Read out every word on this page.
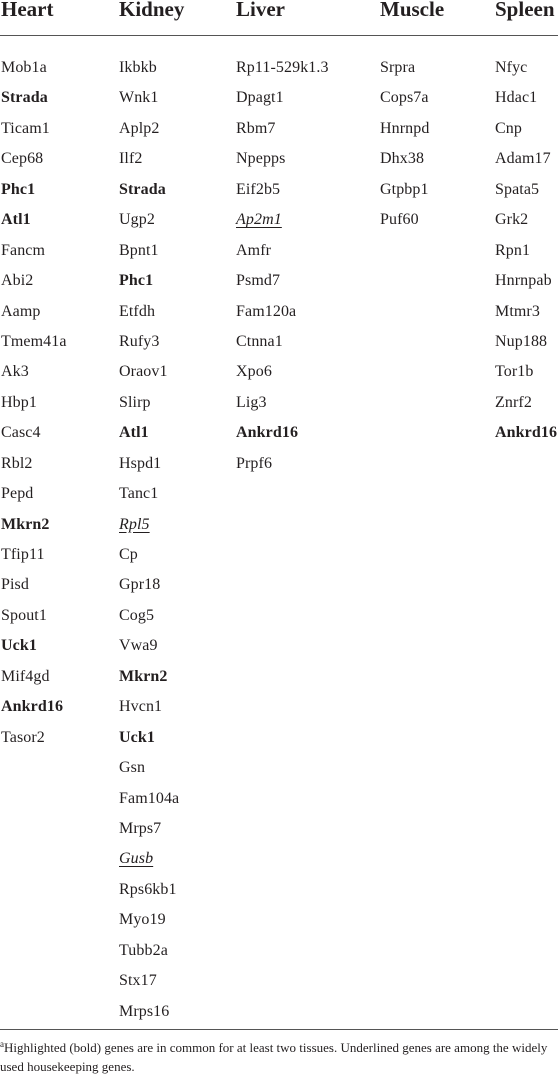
Heart	Kidney Liver	Muscle Spleen
Mob1a
Strada
Ticam1
Cep68
Phc1
Atl1
Fancm
Abi2
Aamp
Tmem41a
Ak3
Hbp1
Casc4
Rbl2
Pepd
Mkrn2
Tfip11
Pisd
Spout1
Uck1
Mif4gd
Ankrd16
Tasor2
Ikbkb
Wnk1
Aplp2
Ilf2
Strada
Ugp2
Bpnt1
Phc1
Etfdh
Rufy3
Oraov1
Slirp
Atl1
Hspd1
Tanc1
Rpl5
Cp
Gpr18
Cog5
Vwa9
Mkrn2
Hvcn1
Uck1
Gsn
Fam104a
Mrps7
Gusb
Rps6kb1
Myo19
Tubb2a
Stx17
Mrps16
Rp11-529k1.3
Dpagt1
Rbm7
Npepps
Eif2b5
Ap2m1
Amfr
Psmd7
Fam120a
Ctnna1
Xpo6
Lig3
Ankrd16
Prpf6
Srpra
Cops7a
Hnrnpd
Dhx38
Gtpbp1
Puf60
Nfyc
Hdac1
Cnp
Adam17
Spata5
Grk2
Rpn1
Hnrnpab
Mtmr3
Nup188
Tor1b
Znrf2
Ankrd16
$^a$Highlighted (bold) genes are in common for at least two tissues. Underlined genes are among the widely used housekeeping genes.
